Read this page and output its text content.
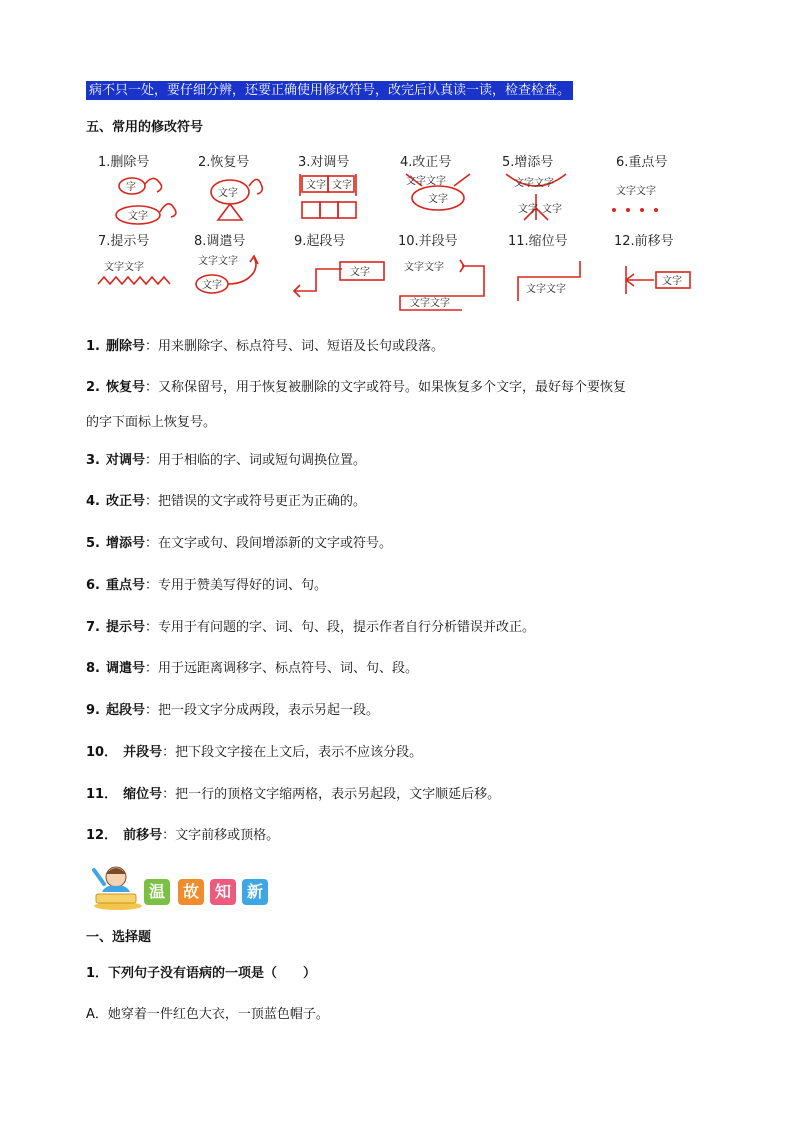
病不只一处，要仔细分辨，还要正确使用修改符号，改完后认真读一读，检查检查。
五、常用的修改符号
1.删除号	2.恢复号	3.对调号	4.改正号	5.增添号	6.重点号
7.提示号	8.调遣号	9.起段号	10.并段号	11.缩位号	12.前移号
字
文字
文字
文字 文字	文字文字
文字
文字文字
文字 文字
文字文字
文字文字
文字文字
文字
文字	文字文字
文字文字
文字文字
文字
1. 删除号：用来删除字、标点符号、词、短语及长句或段落。
2. 恢复号：又称保留号，用于恢复被删除的文字或符号。如果恢复多个文字，最好每个要恢复
的字下面标上恢复号。
3. 对调号：用于相临的字、词或短句调换位置。
4. 改正号：把错误的文字或符号更正为正确的。
5. 增添号：在文字或句、段间增添新的文字或符号。
6. 重点号：专用于赞美写得好的词、句。
7. 提示号：专用于有问题的字、词、句、段，提示作者自行分析错误并改正。
8. 调遣号：用于远距离调移字、标点符号、词、句、段。
9. 起段号：把一段文字分成两段，表示另起一段。
10． 并段号：把下段文字接在上文后，表示不应该分段。
11． 缩位号：把一行的顶格文字缩两格，表示另起段，文字顺延后移。
12． 前移号：文字前移或顶格。
温	故 知 新
一、选择题
1．下列句子没有语病的一项是（　　）
A．她穿着一件红色大衣，一顶蓝色帽子。
